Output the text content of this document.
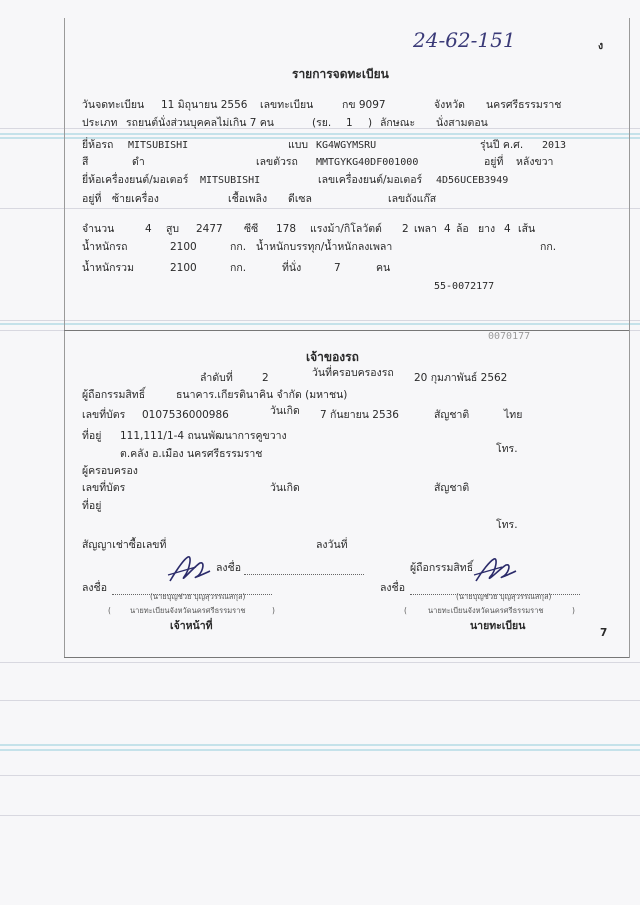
24-62-151	ง
รายการจดทะเบียน
วันจดทะเบียน 11 มิถุนายน 2556 เลขทะเบียน	กข 9097	จังหวัด นครศรีธรรมราช
ประเภท รถยนต์นั่งส่วนบุคคลไม่เกิน 7 คน	(รย. 1 ) ลักษณะ นั่งสามตอน
ยี่ห้อรถ MITSUBISHI	แบบ KG4WGYMSRU	รุ่นปี ค.ศ. 2013
สี	ดำ	เลขตัวรถ MMTGYKG40DF001000	อยู่ที่ หลังขวา
ยี่ห้อเครื่องยนต์/มอเตอร์ MITSUBISHI	เลขเครื่องยนต์/มอเตอร์ 4D56UCEB3949
อยู่ที่ ซ้ายเครื่อง	เชื้อเพลิง ดีเซล	เลขถังแก๊ส
จำนวน	4 สูบ 2477 ซีซี 178 แรงม้า/กิโลวัตต์ 2 เพลา 4 ล้อ ยาง 4 เส้น
น้ำหนักรถ	2100	กก. น้ำหนักบรรทุก/น้ำหนักลงเพลา	กก.
น้ำหนักรวม	2100	กก.	ที่นั่ง	7	คน
55-0072177
0070177
เจ้าของรถ
ลำดับที่	2	วันที่ครอบครองรถ 20 กุมภาพันธ์ 2562
ผู้ถือกรรมสิทธิ์	ธนาคาร.เกียรตินาคิน จำกัด (มหาชน)
เลขที่บัตร 0107536000986	วันเกิด 7 กันยายน 2536	สัญชาติ	ไทย
ที่อยู่ 111,111/1-4 ถนนพัฒนาการคูขวาง
โทร.
ต.คลัง อ.เมือง นครศรีธรรมราช
ผู้ครอบครอง
เลขที่บัตร	วันเกิด	สัญชาติ
ที่อยู่
โทร.
สัญญาเช่าซื้อเลขที่	ลงวันที่
ลงชื่อ	ผู้ถือกรรมสิทธิ์
ลงชื่อ
(นายบุญช่วย บุญสุวรรณสกุล)
ลงชื่อ
(นายบุญช่วย บุญสุวรรณสกุล)
(	นายทะเบียนจังหวัดนครศรีธรรมราช	)	(	นายทะเบียนจังหวัดนครศรีธรรมราช	)
เจ้าหน้าที่	นายทะเบียน
7
